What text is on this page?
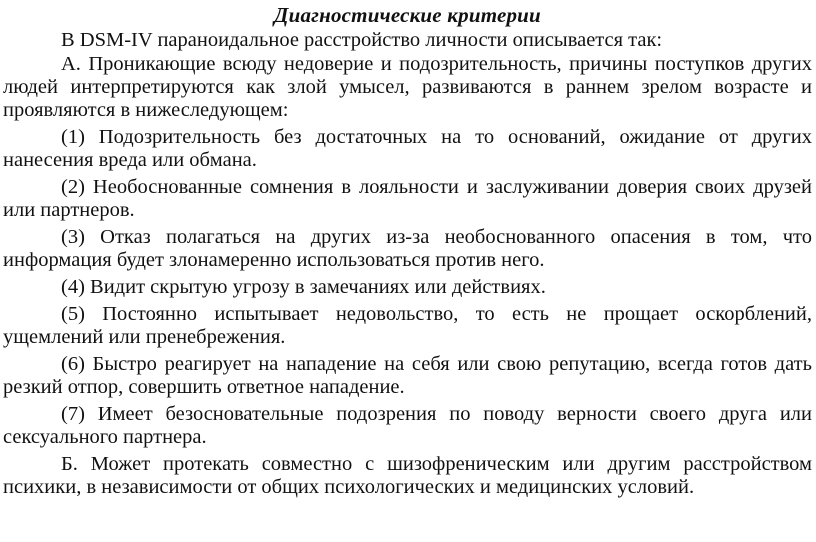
Диагностические критерии

В DSM-IV параноидальное расстройство личности описывается так:

А. Проникающие всюду недоверие и подозрительность, причины поступков других людей интерпретируются как злой умысел, развиваются в раннем зрелом возрасте и проявляются в нижеследующем:

(1) Подозрительность без достаточных на то оснований, ожидание от других нанесения вреда или обмана.

(2) Необоснованные сомнения в лояльности и заслуживании доверия своих друзей или партнеров.

(3) Отказ полагаться на других из-за необоснованного опасения в том, что информация будет злонамеренно использоваться против него.

(4) Видит скрытую угрозу в замечаниях или действиях.

(5) Постоянно испытывает недовольство, то есть не прощает оскорблений, ущемлений или пренебрежения.

(6) Быстро реагирует на нападение на себя или свою репутацию, всегда готов дать резкий отпор, совершить ответное нападение.

(7) Имеет безосновательные подозрения по поводу верности своего друга или сексуального партнера.

Б. Может протекать совместно с шизофреническим или другим расстройством психики, в независимости от общих психологических и медицинских условий.
